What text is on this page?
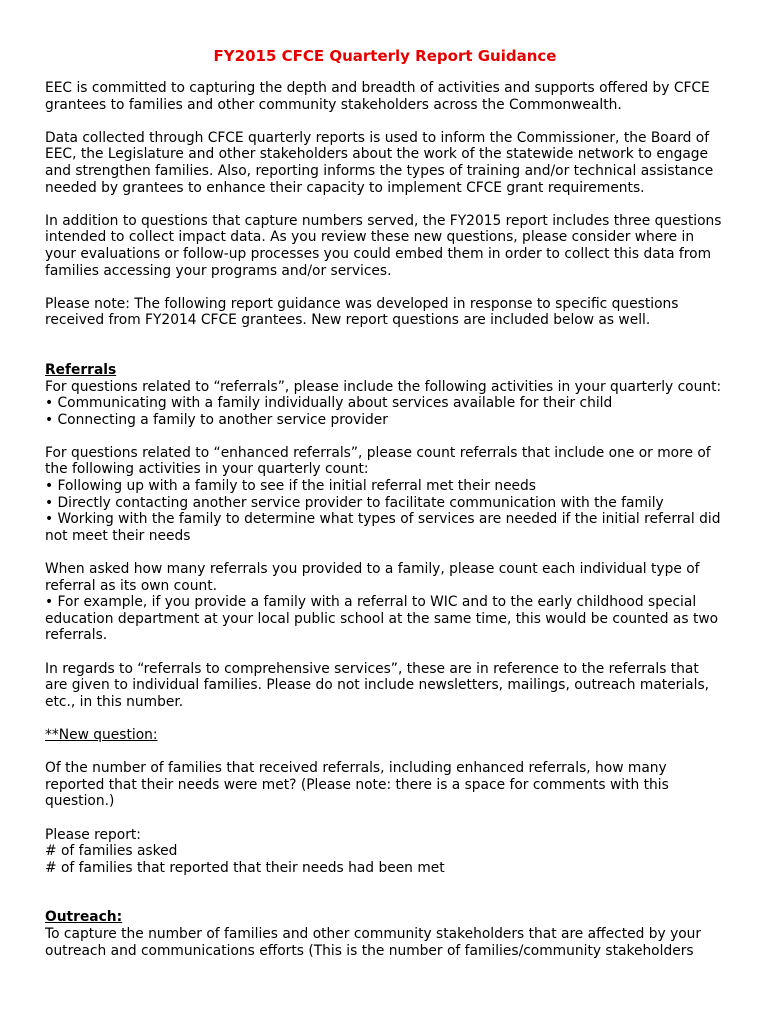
FY2015 CFCE Quarterly Report Guidance

EEC is committed to capturing the depth and breadth of activities and supports offered by CFCE grantees to families and other community stakeholders across the Commonwealth.

Data collected through CFCE quarterly reports is used to inform the Commissioner, the Board of EEC, the Legislature and other stakeholders about the work of the statewide network to engage and strengthen families. Also, reporting informs the types of training and/or technical assistance needed by grantees to enhance their capacity to implement CFCE grant requirements.

In addition to questions that capture numbers served, the FY2015 report includes three questions intended to collect impact data. As you review these new questions, please consider where in your evaluations or follow-up processes you could embed them in order to collect this data from families accessing your programs and/or services.

Please note: The following report guidance was developed in response to specific questions received from FY2014 CFCE grantees. New report questions are included below as well.

Referrals

For questions related to “referrals”, please include the following activities in your quarterly count:

• Communicating with a family individually about services available for their child

• Connecting a family to another service provider

For questions related to “enhanced referrals”, please count referrals that include one or more of the following activities in your quarterly count:

• Following up with a family to see if the initial referral met their needs

• Directly contacting another service provider to facilitate communication with the family

• Working with the family to determine what types of services are needed if the initial referral did not meet their needs

When asked how many referrals you provided to a family, please count each individual type of referral as its own count.

• For example, if you provide a family with a referral to WIC and to the early childhood special education department at your local public school at the same time, this would be counted as two referrals.

In regards to “referrals to comprehensive services”, these are in reference to the referrals that are given to individual families. Please do not include newsletters, mailings, outreach materials, etc., in this number.

**New question:

Of the number of families that received referrals, including enhanced referrals, how many reported that their needs were met? (Please note: there is a space for comments with this question.)

Please report:

# of families asked

# of families that reported that their needs had been met

Outreach:

To capture the number of families and other community stakeholders that are affected by your outreach and communications efforts (This is the number of families/community stakeholders
